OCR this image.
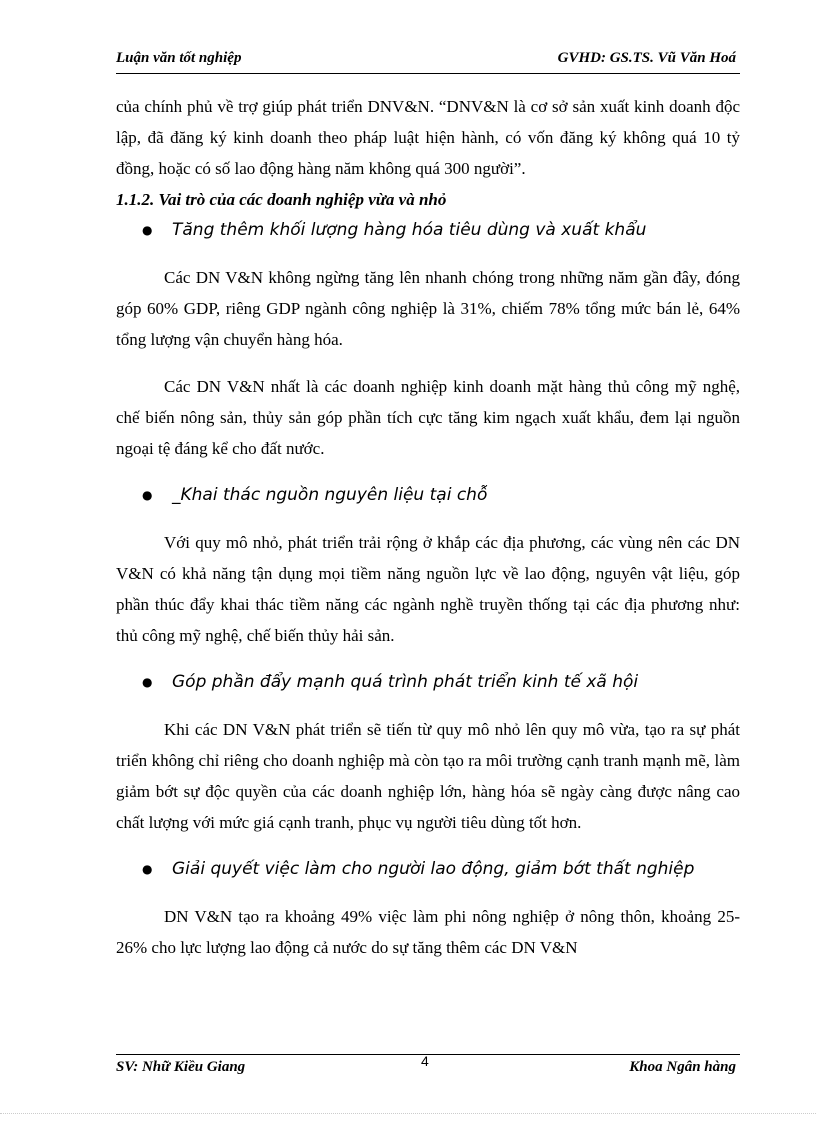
Luận văn tốt nghiệp	GVHD: GS.TS. Vũ Văn Hoá

của chính phủ về trợ giúp phát triển DNV&N. “DNV&N là cơ sở sản xuất kinh doanh độc lập, đã đăng ký kinh doanh theo pháp luật hiện hành, có vốn đăng ký không quá 10 tỷ đồng, hoặc có số lao động hàng năm không quá 300 người”.

1.1.2. Vai trò của các doanh nghiệp vừa và nhỏ

● Tăng thêm khối lượng hàng hóa tiêu dùng và xuất khẩu

Các DN V&N không ngừng tăng lên nhanh chóng trong những năm gần đây, đóng góp 60% GDP, riêng GDP ngành công nghiệp là 31%, chiếm 78% tổng mức bán lẻ, 64% tổng lượng vận chuyển hàng hóa.

Các DN V&N nhất là các doanh nghiệp kinh doanh mặt hàng thủ công mỹ nghệ, chế biến nông sản, thủy sản góp phần tích cực tăng kim ngạch xuất khẩu, đem lại nguồn ngoại tệ đáng kể cho đất nước.

● _Khai thác nguồn nguyên liệu tại chỗ

Với quy mô nhỏ, phát triển trải rộng ở khắp các địa phương, các vùng nên các DN V&N có khả năng tận dụng mọi tiềm năng nguồn lực về lao động, nguyên vật liệu, góp phần thúc đẩy khai thác tiềm năng các ngành nghề truyền thống tại các địa phương như: thủ công mỹ nghệ, chế biến thủy hải sản.

● Góp phần đẩy mạnh quá trình phát triển kinh tế xã hội

Khi các DN V&N phát triển sẽ tiến từ quy mô nhỏ lên quy mô vừa, tạo ra sự phát triển không chỉ riêng cho doanh nghiệp mà còn tạo ra môi trường cạnh tranh mạnh mẽ, làm giảm bớt sự độc quyền của các doanh nghiệp lớn, hàng hóa sẽ ngày càng được nâng cao chất lượng với mức giá cạnh tranh, phục vụ người tiêu dùng tốt hơn.

● Giải quyết việc làm cho người lao động, giảm bớt thất nghiệp

DN V&N tạo ra khoảng 49% việc làm phi nông nghiệp ở nông thôn, khoảng 25-26% cho lực lượng lao động cả nước do sự tăng thêm các DN V&N

SV: Nhữ Kiều Giang	4	Khoa Ngân hàng
